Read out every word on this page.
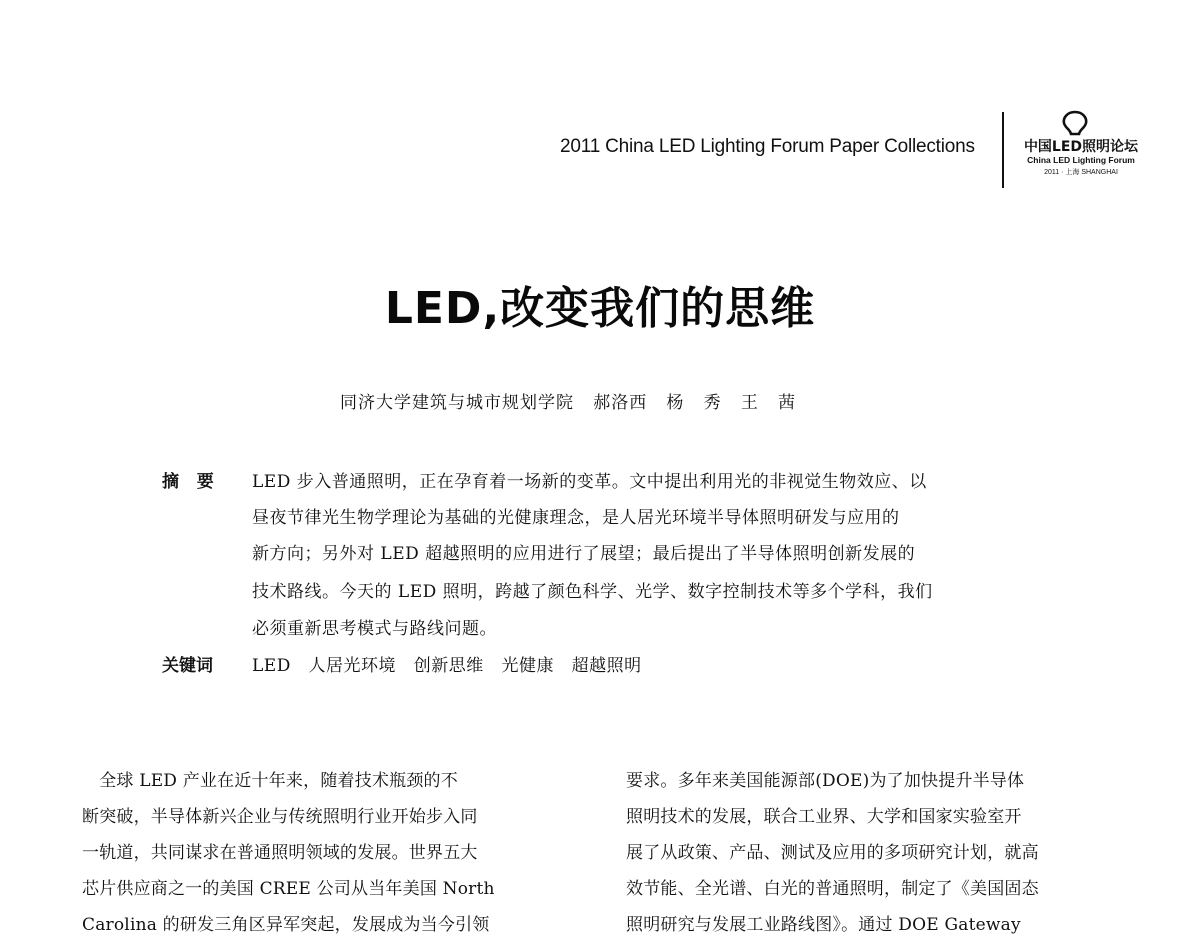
2011 China LED Lighting Forum Paper Collections	中国LED照明论坛
China LED Lighting Forum
2011 · 上海 SHANGHAI
LED,改变我们的思维
同济大学建筑与城市规划学院   郝洛西   杨   秀   王   茜
摘   要 LED 步入普通照明，正在孕育着一场新的变革。文中提出利用光的非视觉生物效应、以
昼夜节律光生物学理论为基础的光健康理念，是人居光环境半导体照明研发与应用的
新方向；另外对 LED 超越照明的应用进行了展望；最后提出了半导体照明创新发展的
技术路线。今天的 LED 照明，跨越了颜色科学、光学、数字控制技术等多个学科，我们
必须重新思考模式与路线问题。
关键词 LED   人居光环境   创新思维   光健康   超越照明
　全球 LED 产业在近十年来，随着技术瓶颈的不
断突破，半导体新兴企业与传统照明行业开始步入同
一轨道，共同谋求在普通照明领域的发展。世界五大
芯片供应商之一的美国 CREE 公司从当年美国 North
Carolina 的研发三角区异军突起，发展成为当今引领
要求。多年来美国能源部(DOE)为了加快提升半导体
照明技术的发展，联合工业界、大学和国家实验室开
展了从政策、产品、测试及应用的多项研究计划，就高
效节能、全光谱、白光的普通照明，制定了《美国固态
照明研究与发展工业路线图》。通过 DOE Gateway
